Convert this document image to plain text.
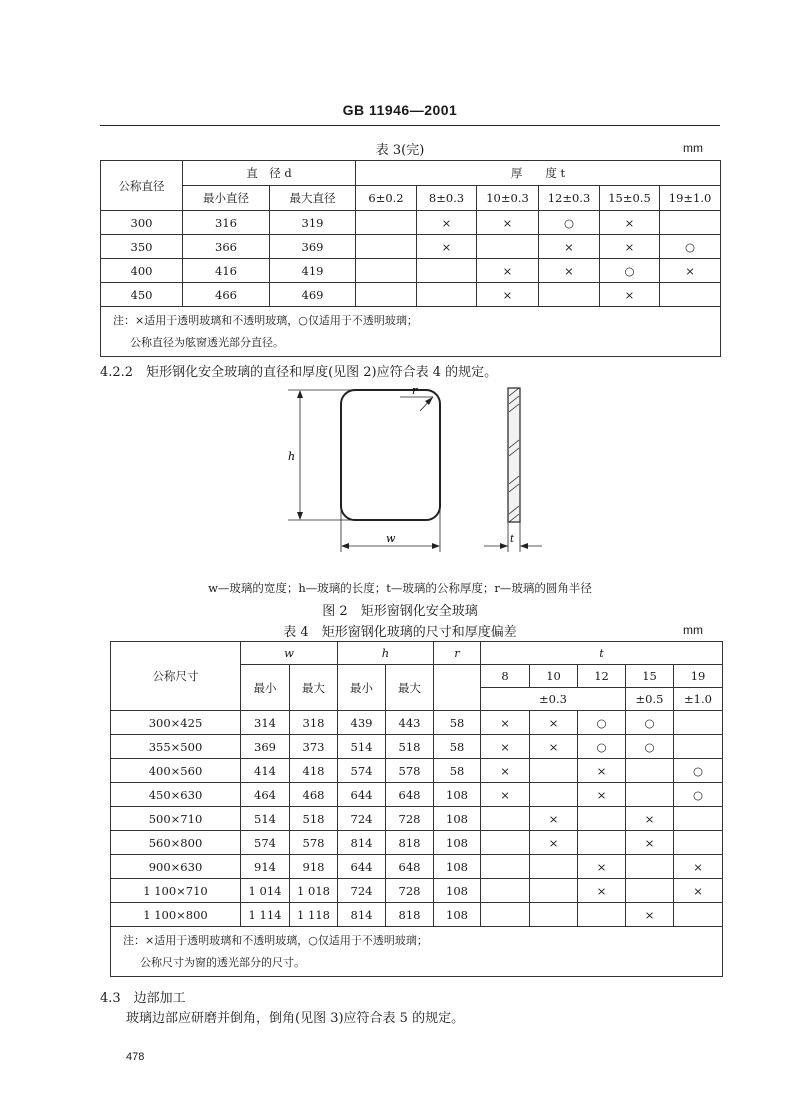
GB 11946—2001
表 3(完)	mm
公称直径	直　径 d		厚　　度 t					
	最小直径	最大直径	6±0.2	8±0.3	10±0.3	12±0.3	15±0.5	19±1.0
300	316	319		×	×	○	×	
350	366	369		×		×	×	○
400	416	419			×	×	○	×
450	466	469			×		×	

注：×适用于透明玻璃和不透明玻璃，○仅适用于不透明玻璃；
公称直径为舷窗透光部分直径。								
4.2.2　矩形钢化安全玻璃的直径和厚度(见图 2)应符合表 4 的规定。
h
w
r
t
w—玻璃的宽度；h—玻璃的长度；t—玻璃的公称厚度；r—玻璃的圆角半径
图 2　矩形窗钢化安全玻璃
表 4　矩形窗钢化玻璃的尺寸和厚度偏差	mm
公称尺寸	w		h		r	t				
	最小	最大	最小	最大		8	10	12	15	19
						±0.3			±0.5	±1.0
300×425	314	318	439	443	58	×	×	○	○	
355×500	369	373	514	518	58	×	×	○	○	
400×560	414	418	574	578	58	×		×		○
450×630	464	468	644	648	108	×		×		○
500×710	514	518	724	728	108		×		×	
560×800	574	578	814	818	108		×		×	
900×630	914	918	644	648	108			×		×
1 100×710	1 014	1 018	724	728	108			×		×
1 100×800	1 114	1 118	814	818	108				×	

注：×适用于透明玻璃和不透明玻璃，○仅适用于不透明玻璃；
公称尺寸为窗的透光部分的尺寸。										
4.3　边部加工
玻璃边部应研磨并倒角，倒角(见图 3)应符合表 5 的规定。
478
